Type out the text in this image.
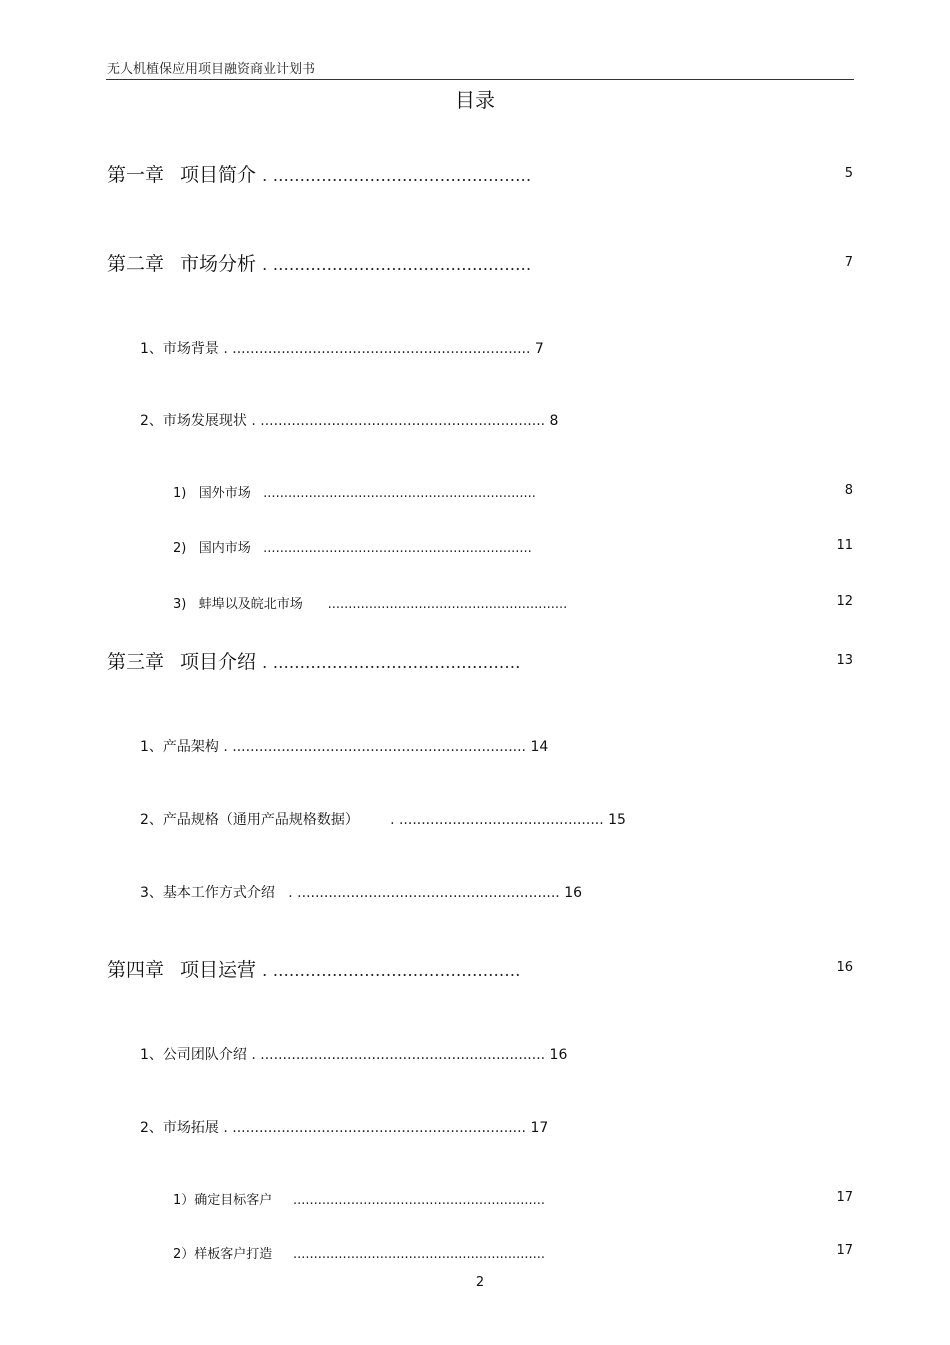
无人机植保应用项目融资商业计划书
目录
第一章 项目简介 . ................................................	5
第二章 市场分析 . ................................................	7
1、市场背景 . ................................................................... 7
2、市场发展现状 . ................................................................ 8
1) 国外市场 ..................................................................	8
2) 国内市场 .................................................................	11
3) 蚌埠以及皖北市场 ..........................................................	12
第三章 项目介绍 . ..............................................	13
1、产品架构 . .................................................................. 14
2、产品规格（通用产品规格数据） . .............................................. 15
3、基本工作方式介绍 . ........................................................... 16
第四章 项目运营 . ..............................................	16
1、公司团队介绍 . ................................................................ 16
2、市场拓展 . .................................................................. 17
1）确定目标客户 .............................................................	17
2）样板客户打造 .............................................................	17
2
